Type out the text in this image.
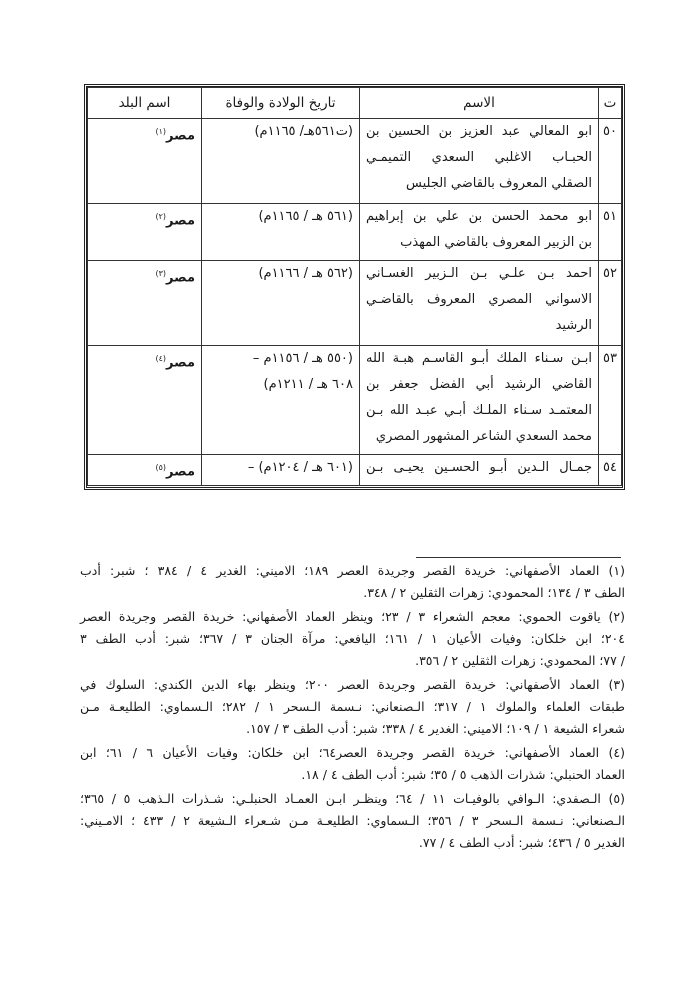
ت	الاسم	تاريخ الولادة والوفاة	اسم البلد
٥٠	ابو المعالي عبد العزيز بن الحسين بن
الحبـاب الاغلبي السعدي التميمـي
الصقلي المعروف بالقاضي الجليس	(ت٥٦١هـ/ ١١٦٥م)	مصر$^{(١)}$
٥١	ابو محمد الحسن بن علي بن إبراهيم
بن الزبير المعروف بالقاضي المهذب	(٥٦١ هـ / ١١٦٥م)	مصر$^{(٢)}$
٥٢	احمد بـن علـي بـن الـزبير الغسـاني
الاسواني المصري المعروف بالقاضـي
الرشيد	(٥٦٢ هـ / ١١٦٦م)	مصر$^{(٣)}$
٥٣	ابـن سـناء الملك أبـو القاسـم هبـة الله
القاضي الرشيد أبي الفضل جعفر بن
المعتمـد سـناء الملـك أبـي عبـد الله بـن
محمد السعدي الشاعر المشهور المصري	(٥٥٠ هـ / ١١٥٦م –
٦٠٨ هـ / ١٢١١م)	مصر$^{(٤)}$
٥٤	جمـال الـدين أبـو الحسـين يحيـى بـن	(٦٠١ هـ / ١٢٠٤م) –	مصر$^{(٥)}$
(١) العماد الأصفهاني: خريدة القصر وجريدة العصر ١٨٩؛ الاميني: الغدير ٤ / ٣٨٤ ؛ شبر: أدب
الطف ٣ / ١٣٤؛ المحمودي: زهرات الثقلين ٢ / ٣٤٨.
(٢) ياقوت الحموي: معجم الشعراء ٣ / ٢٣؛ وينظر العماد الأصفهاني: خريدة القصر وجريدة العصر
٢٠٤؛ ابن خلكان: وفيات الأعيان ١ / ١٦١؛ اليافعي: مرآة الجنان ٣ / ٣٦٧؛ شبر: أدب الطف ٣
/ ٧٧؛ المحمودي: زهرات الثقلين ٢ / ٣٥٦.
(٣) العماد الأصفهاني: خريدة القصر وجريدة العصر ٢٠٠؛ وينظر بهاء الدين الكندي: السلوك في
طبقات العلماء والملوك ١ / ٣١٧؛ الـصنعاني: نـسمة الـسحر ١ / ٢٨٢؛ الـسماوي: الطليعـة مـن
شعراء الشيعة ١ / ١٠٩؛ الاميني: الغدير ٤ / ٣٣٨؛ شبر: أدب الطف ٣ / ١٥٧.
(٤) العماد الأصفهاني: خريدة القصر وجريدة العصر٦٤؛ ابن خلكان: وفيات الأعيان ٦ / ٦١؛ ابن
العماد الحنبلي: شذرات الذهب ٥ / ٣٥؛ شبر: أدب الطف ٤ / ١٨.
(٥) الـصفدي: الـوافي بالوفيـات ١١ / ٦٤؛ وينظـر ابـن العمـاد الحنبلـي: شـذرات الـذهب ٥ / ٣٦٥؛
الـصنعاني: نـسمة الـسحر ٣ / ٣٥٦؛ الـسماوي: الطليعـة مـن شـعراء الـشيعة ٢ / ٤٣٣ ؛ الامـيني:
الغدير ٥ / ٤٣٦؛ شبر: أدب الطف ٤ / ٧٧.
